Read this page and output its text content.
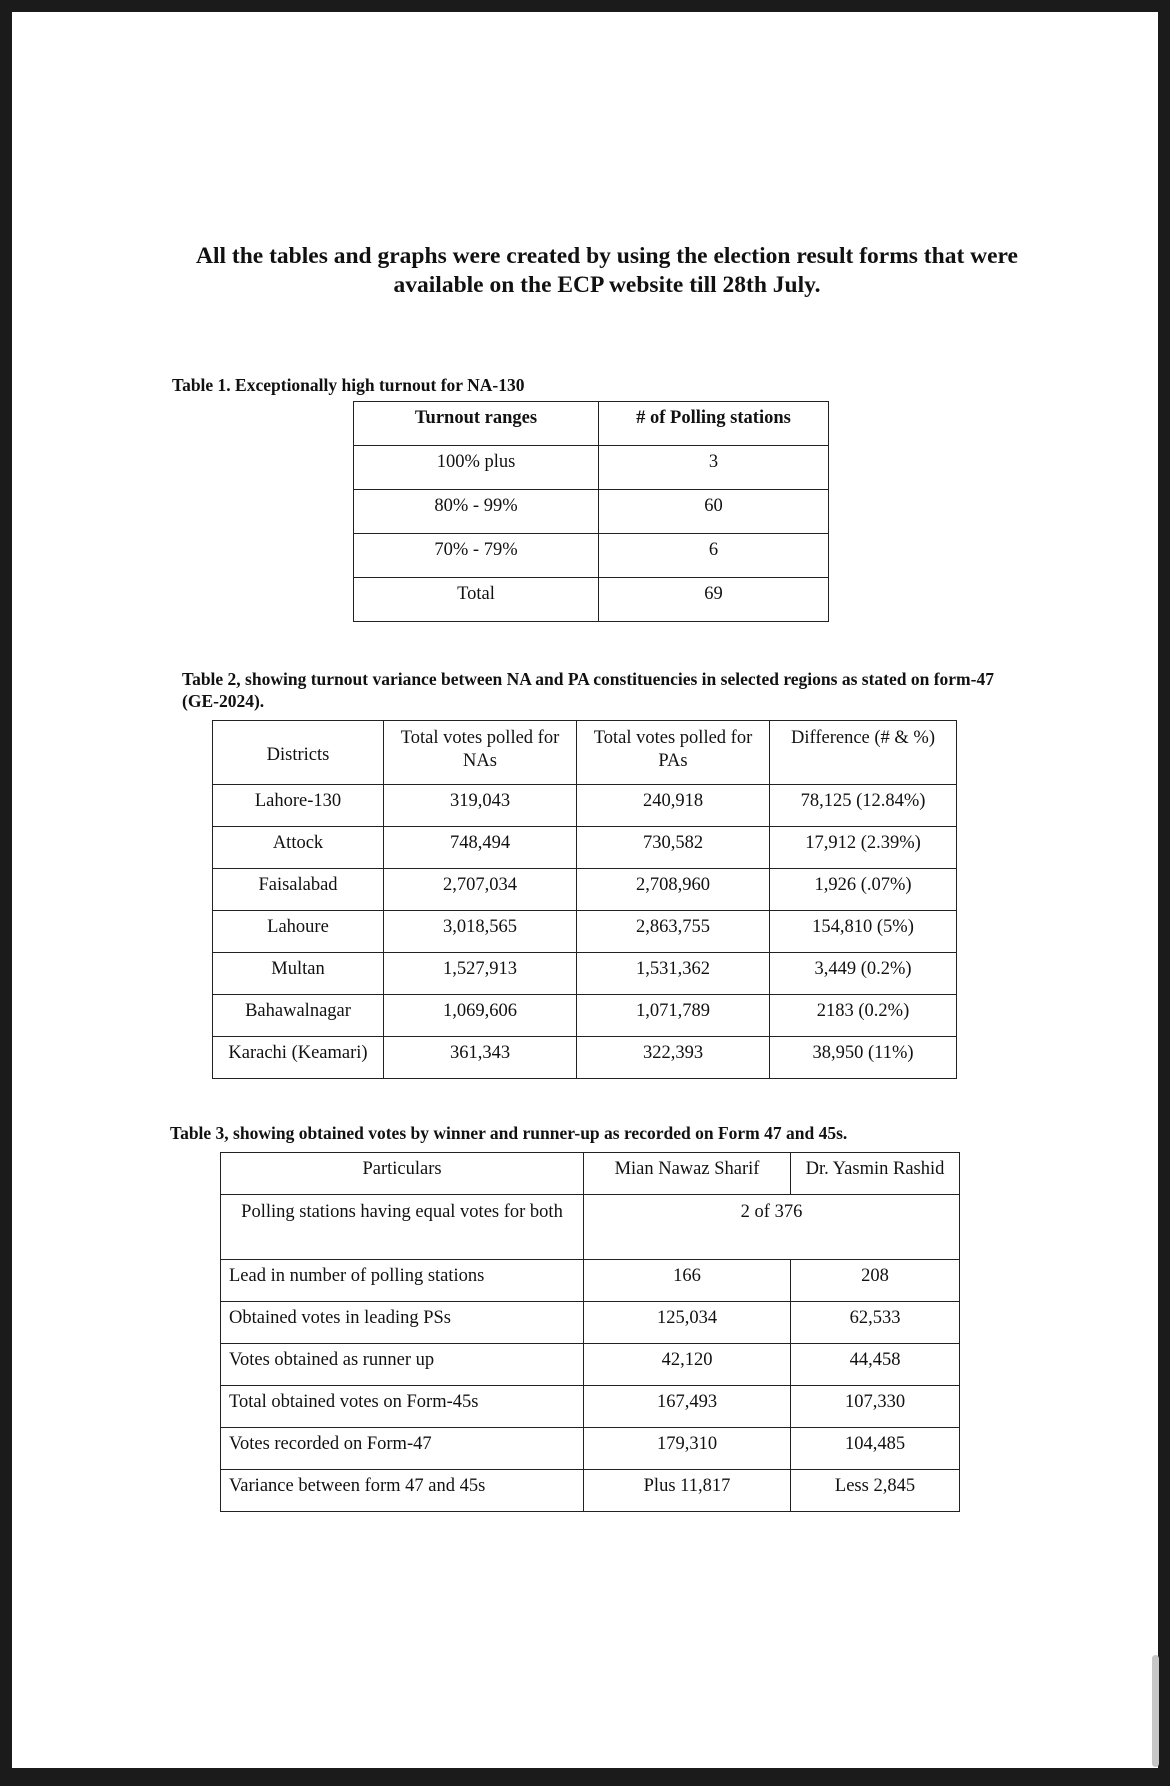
All the tables and graphs were created by using the election result forms that were available on the ECP website till 28th July.
Table 1. Exceptionally high turnout for NA-130
Turnout ranges	# of Polling stations
100% plus	3
80% - 99%	60
70% - 79%	6
Total	69
Table 2, showing turnout variance between NA and PA constituencies in selected regions as stated on form-47 (GE-2024).
Districts	Total votes polled for NAs	Total votes polled for PAs	Difference (# & %)
Lahore-130	319,043	240,918	78,125 (12.84%)
Attock	748,494	730,582	17,912 (2.39%)
Faisalabad	2,707,034	2,708,960	1,926 (.07%)
Lahoure	3,018,565	2,863,755	154,810 (5%)
Multan	1,527,913	1,531,362	3,449 (0.2%)
Bahawalnagar	1,069,606	1,071,789	2183 (0.2%)
Karachi (Keamari)	361,343	322,393	38,950 (11%)
Table 3, showing obtained votes by winner and runner-up as recorded on Form 47 and 45s.
Particulars	Mian Nawaz Sharif	Dr. Yasmin Rashid
Polling stations having equal votes for both	2 of 376	
Lead in number of polling stations	166	208
Obtained votes in leading PSs	125,034	62,533
Votes obtained as runner up	42,120	44,458
Total obtained votes on Form-45s	167,493	107,330
Votes recorded on Form-47	179,310	104,485
Variance between form 47 and 45s	Plus 11,817	Less 2,845
